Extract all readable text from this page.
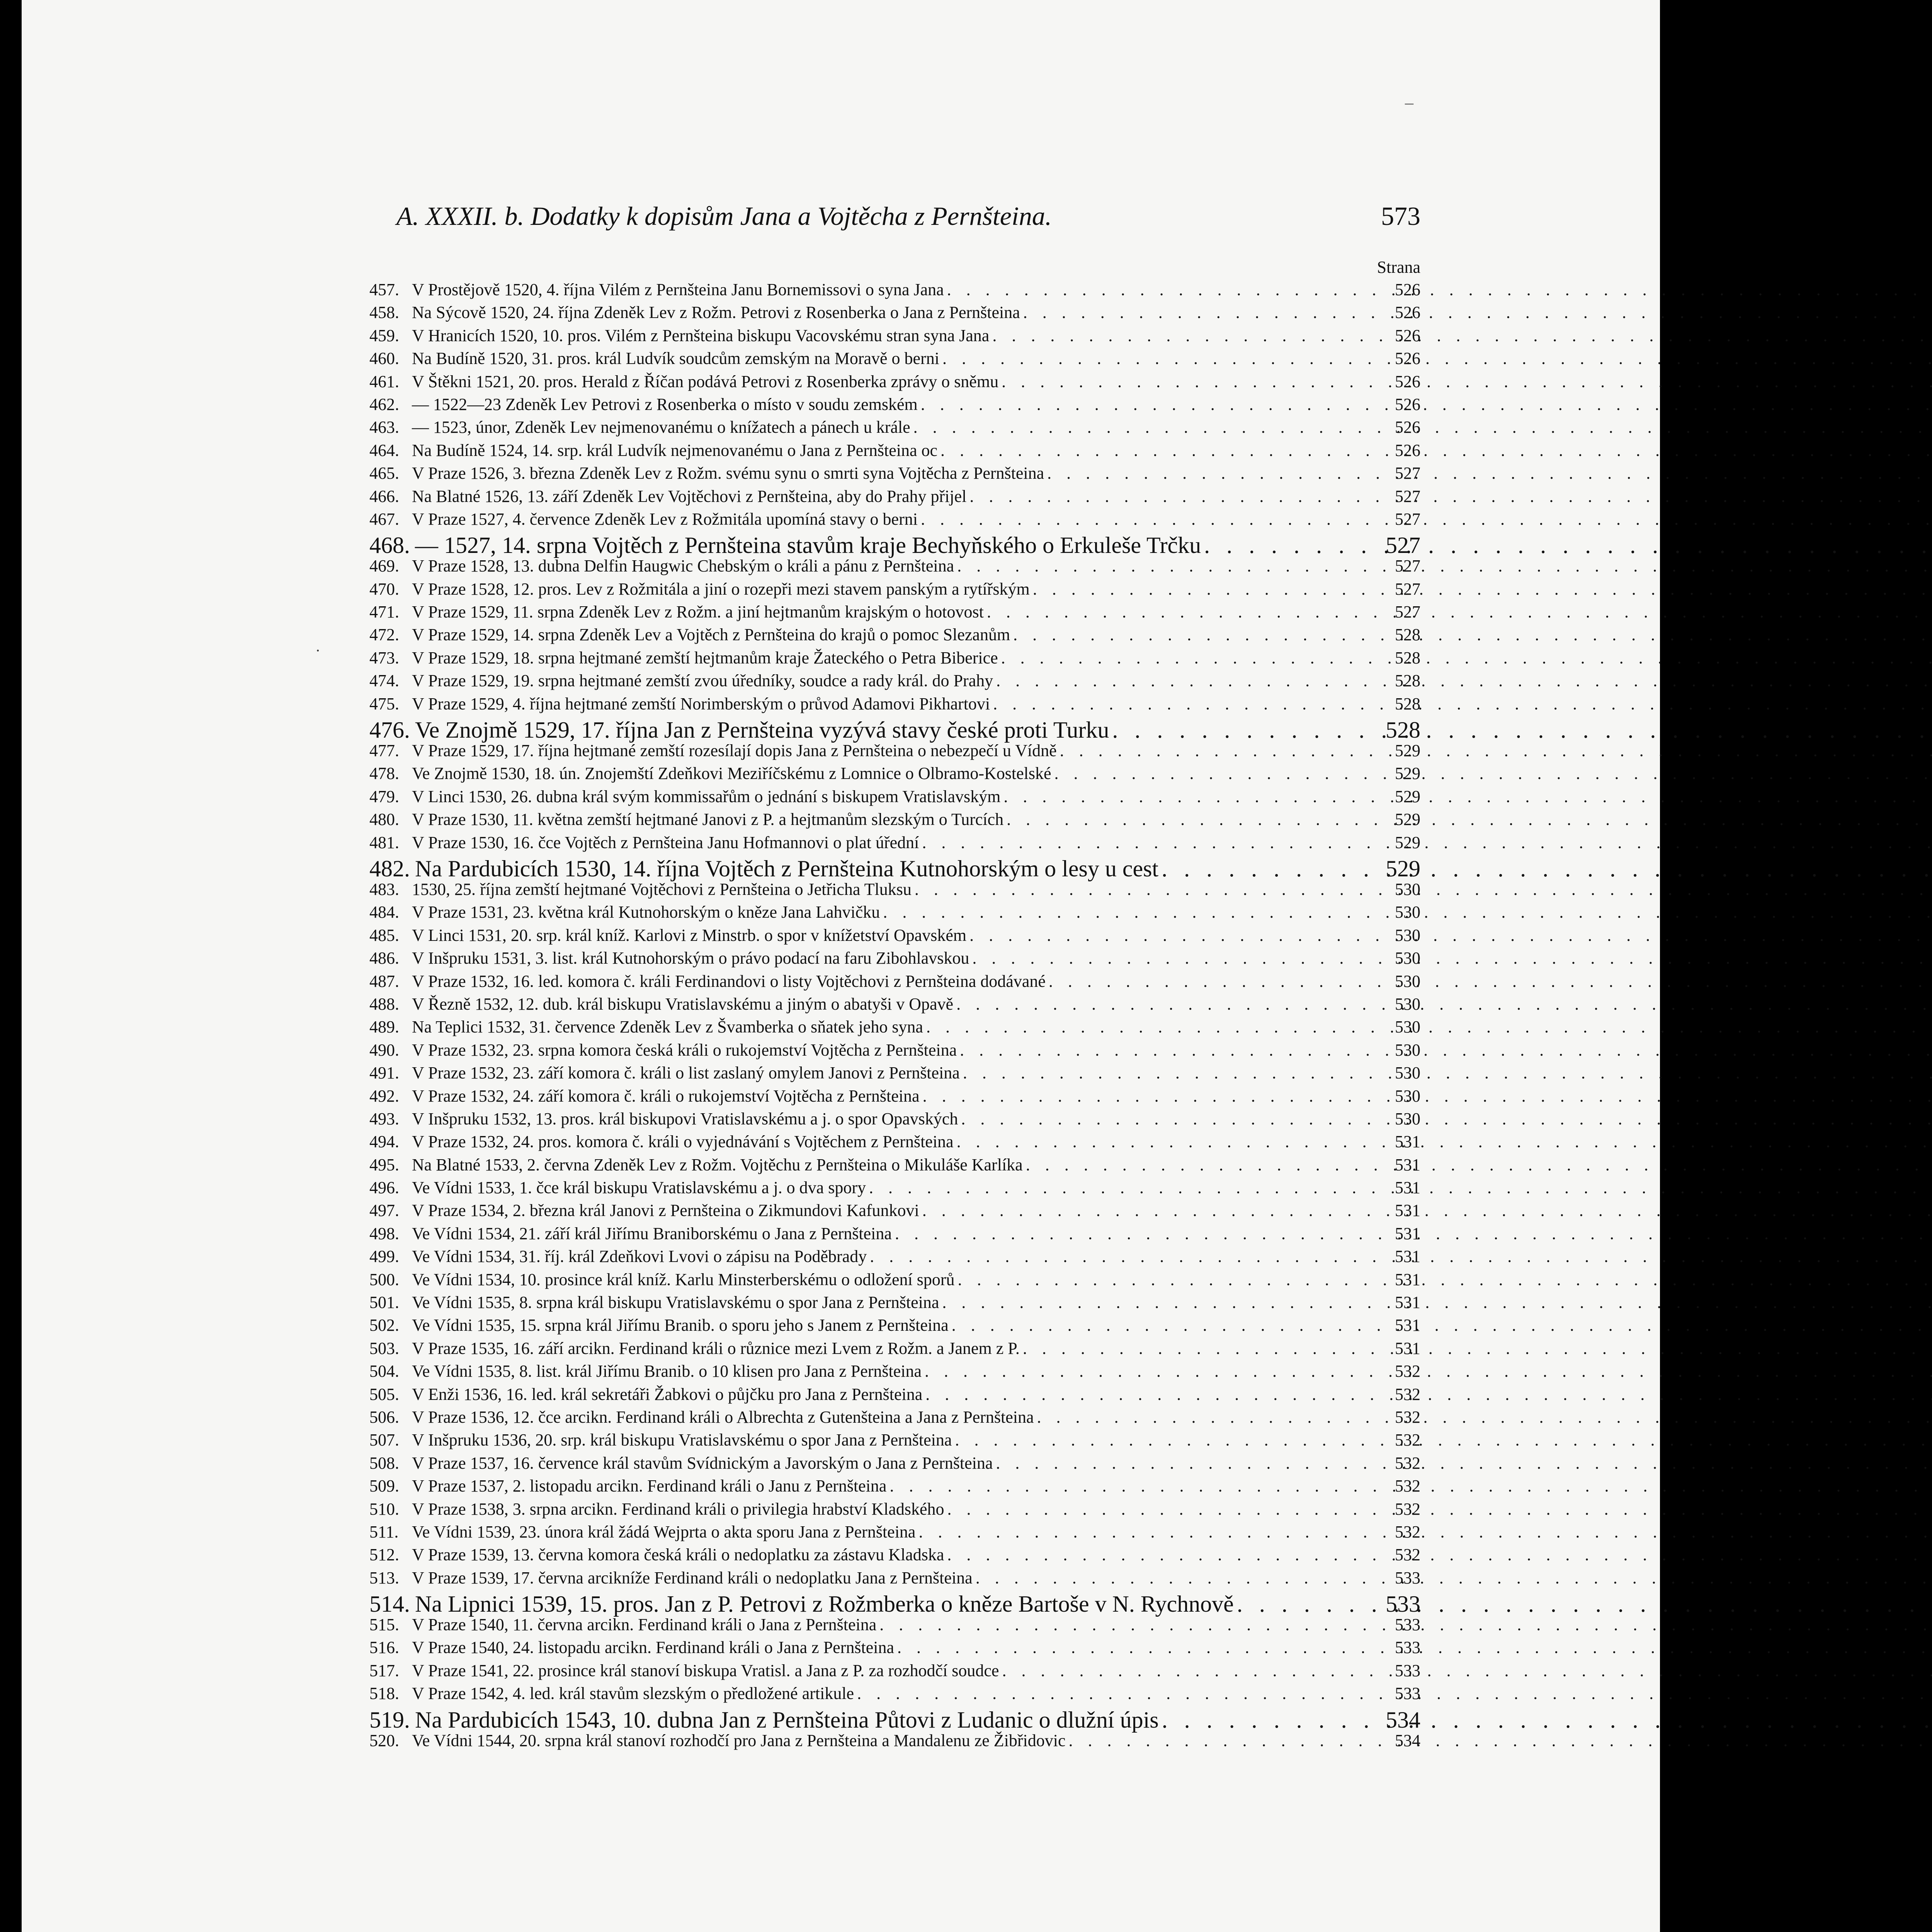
–
·
A. XXXII. b. Dodatky k dopisům Jana a Vojtěcha z Pernšteina.	573
Strana
457. V Prostějově 1520, 4. října Vilém z Pernšteina Janu Bornemissovi o syna Jana . . .	526
458. Na Sýcově 1520, 24. října Zdeněk Lev z Rožm. Petrovi z Rosenberka o Jana z Pernšteina . . .	526
459. V Hranicích 1520, 10. pros. Vilém z Pernšteina biskupu Vacovskému stran syna Jana . . .	526
460. Na Budíně 1520, 31. pros. král Ludvík soudcům zemským na Moravě o berni . . .	526
461. V Štěkni 1521, 20. pros. Herald z Říčan podává Petrovi z Rosenberka zprávy o sněmu . . .	526
462. — 1522—23 Zdeněk Lev Petrovi z Rosenberka o místo v soudu zemském . . .	526
463. — 1523, únor, Zdeněk Lev nejmenovanému o knížatech a pánech u krále . . .	526
464. Na Budíně 1524, 14. srp. král Ludvík nejmenovanému o Jana z Pernšteina oc . . .	526
465. V Praze 1526, 3. března Zdeněk Lev z Rožm. svému synu o smrti syna Vojtěcha z Pernšteina . . .	527
466. Na Blatné 1526, 13. září Zdeněk Lev Vojtěchovi z Pernšteina, aby do Prahy přijel . . .	527
467. V Praze 1527, 4. července Zdeněk Lev z Rožmitála upomíná stavy o berni . . .	527
468. — 1527, 14. srpna Vojtěch z Pernšteina stavům kraje Bechyňského o Erkuleše Trčku . . .	527
469. V Praze 1528, 13. dubna Delfin Haugwic Chebským o králi a pánu z Pernšteina . . .	527
470. V Praze 1528, 12. pros. Lev z Rožmitála a jiní o rozepři mezi stavem panským a rytířským . . .	527
471. V Praze 1529, 11. srpna Zdeněk Lev z Rožm. a jiní hejtmanům krajským o hotovost . . .	527
472. V Praze 1529, 14. srpna Zdeněk Lev a Vojtěch z Pernšteina do krajů o pomoc Slezanům . . .	528
473. V Praze 1529, 18. srpna hejtmané zemští hejtmanům kraje Žateckého o Petra Biberice . . .	528
474. V Praze 1529, 19. srpna hejtmané zemští zvou úředníky, soudce a rady král. do Prahy . . .	528
475. V Praze 1529, 4. října hejtmané zemští Norimberským o průvod Adamovi Pikhartovi . . .	528
476. Ve Znojmě 1529, 17. října Jan z Pernšteina vyzývá stavy české proti Turku . . .	528
477. V Praze 1529, 17. října hejtmané zemští rozesílají dopis Jana z Pernšteina o nebezpečí u Vídně . . .	529
478. Ve Znojmě 1530, 18. ún. Znojemští Zdeňkovi Meziříčskému z Lomnice o Olbramo-Kostelské . . .	529
479. V Linci 1530, 26. dubna král svým kommissařům o jednání s biskupem Vratislavským . . .	529
480. V Praze 1530, 11. května zemští hejtmané Janovi z P. a hejtmanům slezským o Turcích . . .	529
481. V Praze 1530, 16. čce Vojtěch z Pernšteina Janu Hofmannovi o plat úřední . . .	529
482. Na Pardubicích 1530, 14. října Vojtěch z Pernšteina Kutnohorským o lesy u cest . . .	529
483. 1530, 25. října zemští hejtmané Vojtěchovi z Pernšteina o Jetřicha Tluksu . . .	530
484. V Praze 1531, 23. května král Kutnohorským o kněze Jana Lahvičku . . .	530
485. V Linci 1531, 20. srp. král kníž. Karlovi z Minstrb. o spor v knížetství Opavském . . .	530
486. V Inšpruku 1531, 3. list. král Kutnohorským o právo podací na faru Zibohlavskou . . .	530
487. V Praze 1532, 16. led. komora č. králi Ferdinandovi o listy Vojtěchovi z Pernšteina dodávané . . .	530
488. V Řezně 1532, 12. dub. král biskupu Vratislavskému a jiným o abatyši v Opavě . . .	530
489. Na Teplici 1532, 31. července Zdeněk Lev z Švamberka o sňatek jeho syna . . .	530
490. V Praze 1532, 23. srpna komora česká králi o rukojemství Vojtěcha z Pernšteina . . .	530
491. V Praze 1532, 23. září komora č. králi o list zaslaný omylem Janovi z Pernšteina . . .	530
492. V Praze 1532, 24. září komora č. králi o rukojemství Vojtěcha z Pernšteina . . .	530
493. V Inšpruku 1532, 13. pros. král biskupovi Vratislavskému a j. o spor Opavských . . .	530
494. V Praze 1532, 24. pros. komora č. králi o vyjednávání s Vojtěchem z Pernšteina . . .	531
495. Na Blatné 1533, 2. června Zdeněk Lev z Rožm. Vojtěchu z Pernšteina o Mikuláše Karlíka . . .	531
496. Ve Vídni 1533, 1. čce král biskupu Vratislavskému a j. o dva spory . . .	531
497. V Praze 1534, 2. března král Janovi z Pernšteina o Zikmundovi Kafunkovi . . .	531
498. Ve Vídni 1534, 21. září král Jiřímu Braniborskému o Jana z Pernšteina . . .	531
499. Ve Vídni 1534, 31. říj. král Zdeňkovi Lvovi o zápisu na Poděbrady . . .	531
500. Ve Vídni 1534, 10. prosince král kníž. Karlu Minsterberskému o odložení sporů . . .	531
501. Ve Vídni 1535, 8. srpna král biskupu Vratislavskému o spor Jana z Pernšteina . . .	531
502. Ve Vídni 1535, 15. srpna král Jiřímu Branib. o sporu jeho s Janem z Pernšteina . . .	531
503. V Praze 1535, 16. září arcikn. Ferdinand králi o různice mezi Lvem z Rožm. a Janem z P. . . .	531
504. Ve Vídni 1535, 8. list. král Jiřímu Branib. o 10 klisen pro Jana z Pernšteina . . .	532
505. V Enži 1536, 16. led. král sekretáři Žabkovi o půjčku pro Jana z Pernšteina . . .	532
506. V Praze 1536, 12. čce arcikn. Ferdinand králi o Albrechta z Gutenšteina a Jana z Pernšteina . . .	532
507. V Inšpruku 1536, 20. srp. král biskupu Vratislavskému o spor Jana z Pernšteina . . .	532
508. V Praze 1537, 16. července král stavům Svídnickým a Javorským o Jana z Pernšteina . . .	532
509. V Praze 1537, 2. listopadu arcikn. Ferdinand králi o Janu z Pernšteina . . .	532
510. V Praze 1538, 3. srpna arcikn. Ferdinand králi o privilegia hrabství Kladského . . .	532
511. Ve Vídni 1539, 23. února král žádá Wejprta o akta sporu Jana z Pernšteina . . .	532
512. V Praze 1539, 13. června komora česká králi o nedoplatku za zástavu Kladska . . .	532
513. V Praze 1539, 17. června arcikníže Ferdinand králi o nedoplatku Jana z Pernšteina . . .	533
514. Na Lipnici 1539, 15. pros. Jan z P. Petrovi z Rožmberka o kněze Bartoše v N. Rychnově . . .	533
515. V Praze 1540, 11. června arcikn. Ferdinand králi o Jana z Pernšteina . . .	533
516. V Praze 1540, 24. listopadu arcikn. Ferdinand králi o Jana z Pernšteina . . .	533
517. V Praze 1541, 22. prosince král stanoví biskupa Vratisl. a Jana z P. za rozhodčí soudce . . .	533
518. V Praze 1542, 4. led. král stavům slezským o předložené artikule . . .	533
519. Na Pardubicích 1543, 10. dubna Jan z Pernšteina Půtovi z Ludanic o dlužní úpis . . .	534
520. Ve Vídni 1544, 20. srpna král stanoví rozhodčí pro Jana z Pernšteina a Mandalenu ze Žibřidovic . . .	534
